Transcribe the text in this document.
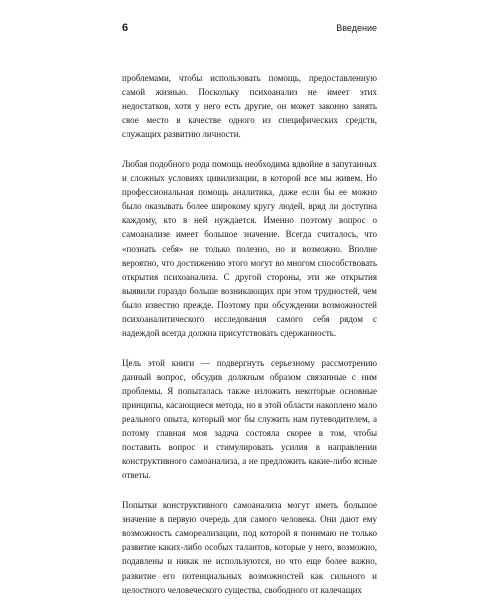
6	Введение

проблемами, чтобы использовать помощь, предоставленную самой жизнью. Поскольку психоанализ не имеет этих недостатков, хотя у него есть другие, он может законно занять свое место в качестве одного из специфических средств, служащих развитию личности.

Любая подобного рода помощь необходима вдвойне в запутанных и сложных условиях цивилизации, в которой все мы живем. Но профессиональная помощь аналитика, даже если бы ее можно было оказывать более широкому кругу людей, вряд ли доступна каждому, кто в ней нуждается. Именно поэтому вопрос о самоанализе имеет большое значение. Всегда считалось, что «познать себя» не только полезно, но и возможно. Вполне вероятно, что достижению этого могут во многом способствовать открытия психоанализа. С другой стороны, эти же открытия выявили гораздо больше возникающих при этом трудностей, чем было известно прежде. Поэтому при обсуждении возможностей психоаналитического исследования самого себя рядом с надеждой всегда должна присутствовать сдержанность.

Цель этой книги — подвергнуть серьезному рассмотрению данный вопрос, обсудив должным образом связанные с ним проблемы. Я попыталась также изложить некоторые основные принципы, касающиеся метода, но в этой области накоплено мало реального опыта, который мог бы служить нам путеводителем, а потому главная моя задача состояла скорее в том, чтобы поставить вопрос и стимулировать усилия в направлении конструктивного самоанализа, а не предложить какие-либо ясные ответы.

Попытки конструктивного самоанализа могут иметь большое значение в первую очередь для самого человека. Они дают ему возможность самореализации, под которой я понимаю не только развитие каких-либо особых талантов, которые у него, возможно, подавлены и никак не используются, но что еще более важно, развитие его потенциальных возможностей как сильного и целостного человеческого существа, свободного от калечащих
